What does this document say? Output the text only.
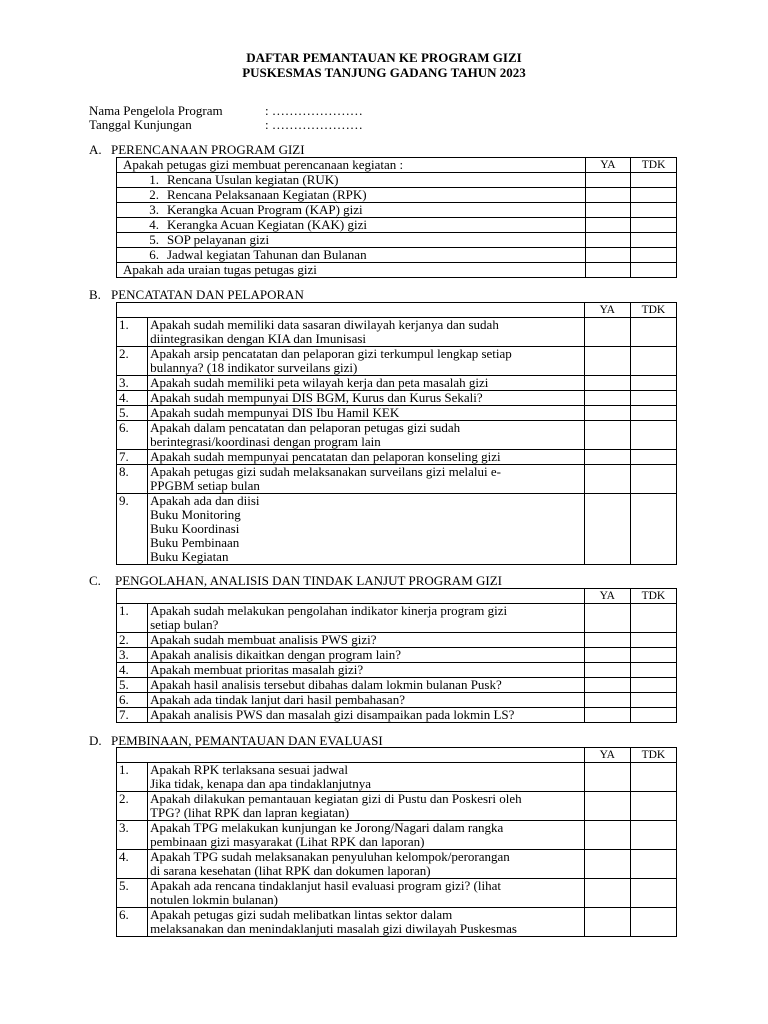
DAFTAR PEMANTAUAN KE PROGRAM GIZI
PUSKESMAS TANJUNG GADANG TAHUN 2023
Nama Pengelola Program	: …………………
Tanggal Kunjungan	: …………………
A. PERENCANAAN PROGRAM GIZI
Apakah petugas gizi membuat perencanaan kegiatan :	YA	TDK
1. Rencana Usulan kegiatan (RUK)		
2. Rencana Pelaksanaan Kegiatan (RPK)		
3. Kerangka Acuan Program (KAP) gizi		
4. Kerangka Acuan Kegiatan (KAK) gizi		
5. SOP pelayanan gizi		
6. Jadwal kegiatan Tahunan dan Bulanan		
Apakah ada uraian tugas petugas gizi		
B. PENCATATAN DAN PELAPORAN
		YA	TDK
1.	Apakah sudah memiliki data sasaran diwilayah kerjanya dan sudah
diintegrasikan dengan KIA dan Imunisasi		

2.	Apakah arsip pencatatan dan pelaporan gizi terkumpul lengkap setiap
bulannya? (18 indikator surveilans gizi)		

3.	Apakah sudah memiliki peta wilayah kerja dan peta masalah gizi		
4.	Apakah sudah mempunyai DIS BGM, Kurus dan Kurus Sekali?		
5.	Apakah sudah mempunyai DIS Ibu Hamil KEK		
6.	Apakah dalam pencatatan dan pelaporan petugas gizi sudah
berintegrasi/koordinasi dengan program lain		

7.	Apakah sudah mempunyai pencatatan dan pelaporan konseling gizi		
8.	Apakah petugas gizi sudah melaksanakan surveilans gizi melalui e-
PPGBM setiap bulan		

9.	Apakah ada dan diisi
Buku Monitoring
Buku Koordinasi
Buku Pembinaan
Buku Kegiatan		

C. PENGOLAHAN, ANALISIS DAN TINDAK LANJUT PROGRAM GIZI
		YA	TDK
1.	Apakah sudah melakukan pengolahan indikator kinerja program gizi
setiap bulan?		

2.	Apakah sudah membuat analisis PWS gizi?		
3.	Apakah analisis dikaitkan dengan program lain?		
4.	Apakah membuat prioritas masalah gizi?		
5.	Apakah hasil analisis tersebut dibahas dalam lokmin bulanan Pusk?		
6.	Apakah ada tindak lanjut dari hasil pembahasan?		
7.	Apakah analisis PWS dan masalah gizi disampaikan pada lokmin LS?		
D. PEMBINAAN, PEMANTAUAN DAN EVALUASI
		YA	TDK
1.	Apakah RPK terlaksana sesuai jadwal
Jika tidak, kenapa dan apa tindaklanjutnya		

2.	Apakah dilakukan pemantauan kegiatan gizi di Pustu dan Poskesri oleh
TPG? (lihat RPK dan lapran kegiatan)		

3.	Apakah TPG melakukan kunjungan ke Jorong/Nagari dalam rangka
pembinaan gizi masyarakat (Lihat RPK dan laporan)		

4.	Apakah TPG sudah melaksanakan penyuluhan kelompok/perorangan
di sarana kesehatan (lihat RPK dan dokumen laporan)		

5.	Apakah ada rencana tindaklanjut hasil evaluasi program gizi? (lihat
notulen lokmin bulanan)		

6.	Apakah petugas gizi sudah melibatkan lintas sektor dalam
melaksanakan dan menindaklanjuti masalah gizi diwilayah Puskesmas		
